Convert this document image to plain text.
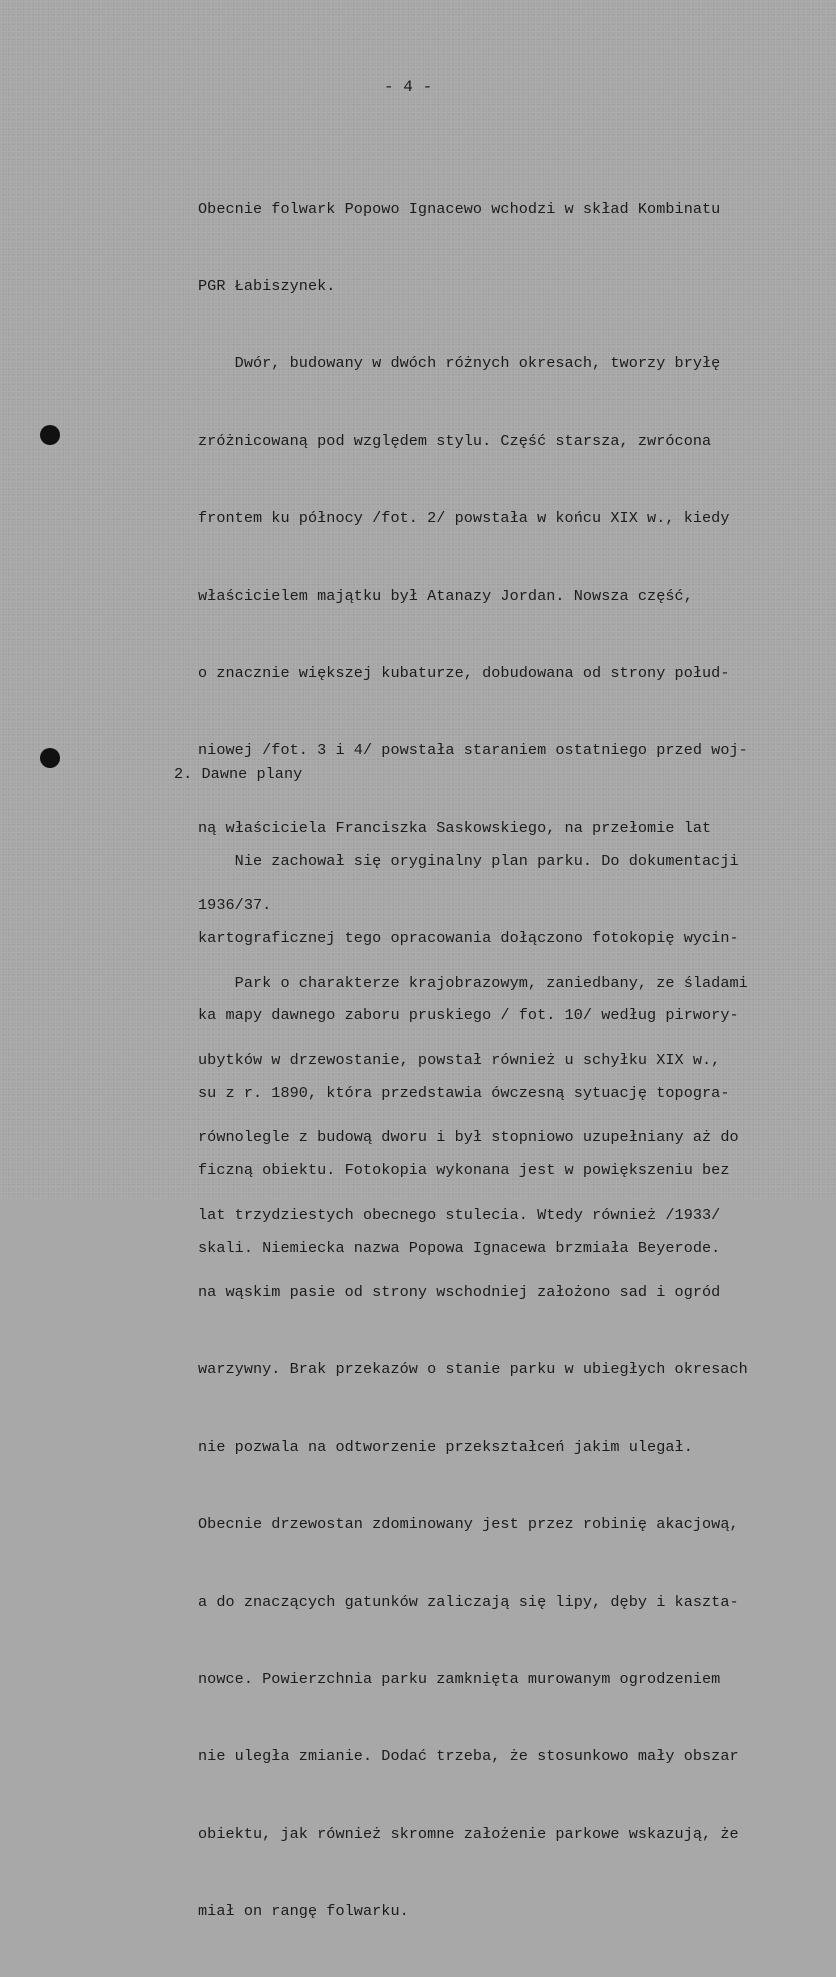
- 4 -

Obecnie folwark Popowo Ignacewo wchodzi w skład Kombinatu

PGR Łabiszynek.

Dwór, budowany w dwóch różnych okresach, tworzy bryłę

zróżnicowaną pod względem stylu. Część starsza, zwrócona

frontem ku północy /fot. 2/ powstała w końcu XIX w., kiedy

właścicielem majątku był Atanazy Jordan. Nowsza część,

o znacznie większej kubaturze, dobudowana od strony połud-

niowej /fot. 3 i 4/ powstała staraniem ostatniego przed woj-

ną właściciela Franciszka Saskowskiego, na przełomie lat

1936/37.

Park o charakterze krajobrazowym, zaniedbany, ze śladami

ubytków w drzewostanie, powstał również u schyłku XIX w.,

równolegle z budową dworu i był stopniowo uzupełniany aż do

lat trzydziestych obecnego stulecia. Wtedy również /1933/

na wąskim pasie od strony wschodniej założono sad i ogród

warzywny. Brak przekazów o stanie parku w ubiegłych okresach

nie pozwala na odtworzenie przekształceń jakim ulegał.

Obecnie drzewostan zdominowany jest przez robinię akacjową,

a do znaczących gatunków zaliczają się lipy, dęby i kaszta-

nowce. Powierzchnia parku zamknięta murowanym ogrodzeniem

nie uległa zmianie. Dodać trzeba, że stosunkowo mały obszar

obiektu, jak również skromne założenie parkowe wskazują, że

miał on rangę folwarku.

2. Dawne plany

Nie zachował się oryginalny plan parku. Do dokumentacji

kartograficznej tego opracowania dołączono fotokopię wycin-

ka mapy dawnego zaboru pruskiego / fot. 10/ według pirwory-

su z r. 1890, która przedstawia ówczesną sytuację topogra-

ficzną obiektu. Fotokopia wykonana jest w powiększeniu bez

skali. Niemiecka nazwa Popowa Ignacewa brzmiała Beyerode.
